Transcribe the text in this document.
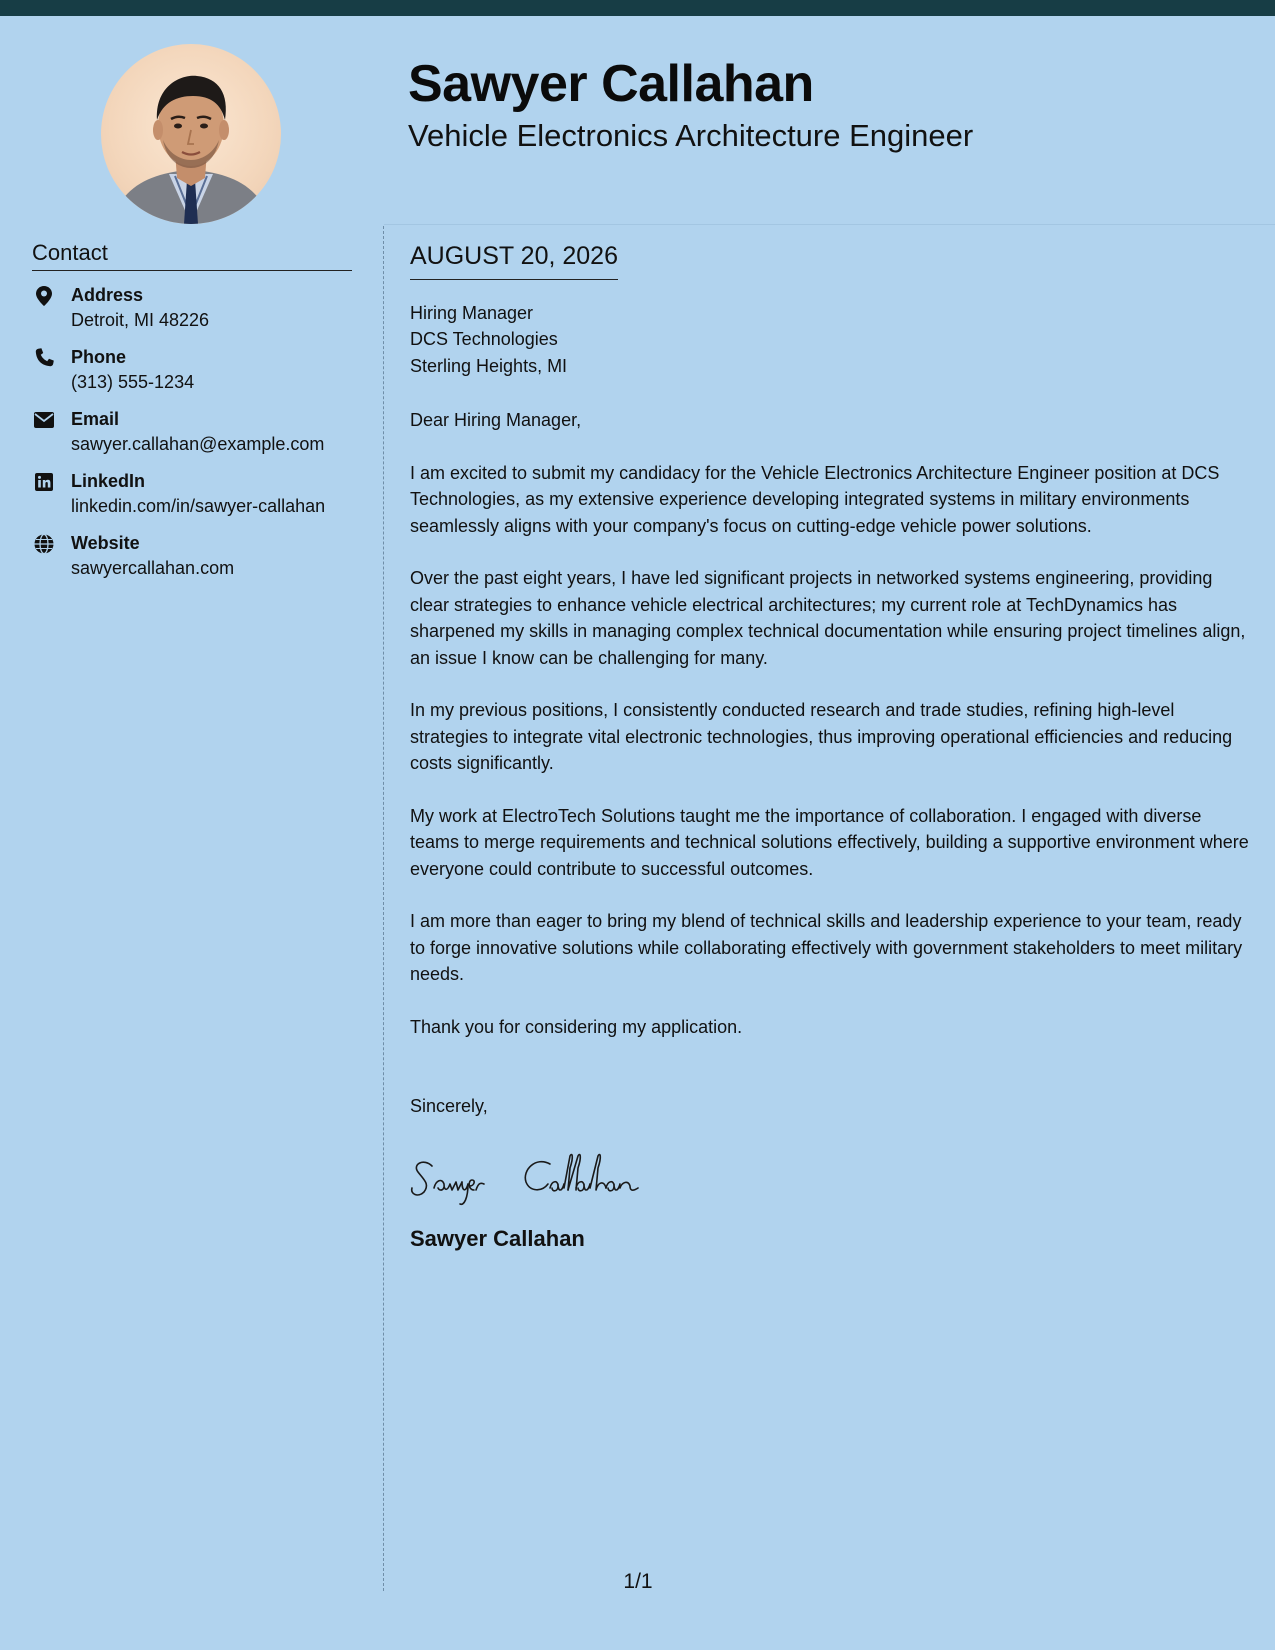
Sawyer Callahan
Vehicle Electronics Architecture Engineer
Contact
Address
Detroit, MI 48226
Phone
(313) 555-1234
Email
sawyer.callahan@example.com
LinkedIn
linkedin.com/in/sawyer-callahan
Website
sawyercallahan.com
AUGUST 20, 2026
Hiring Manager
DCS Technologies
Sterling Heights, MI

Dear Hiring Manager,

I am excited to submit my candidacy for the Vehicle Electronics Architecture Engineer position at DCS Technologies, as my extensive experience developing integrated systems in military environments seamlessly aligns with your company's focus on cutting-edge vehicle power solutions.

Over the past eight years, I have led significant projects in networked systems engineering, providing clear strategies to enhance vehicle electrical architectures; my current role at TechDynamics has sharpened my skills in managing complex technical documentation while ensuring project timelines align, an issue I know can be challenging for many.

In my previous positions, I consistently conducted research and trade studies, refining high-level strategies to integrate vital electronic technologies, thus improving operational efficiencies and reducing costs significantly.

My work at ElectroTech Solutions taught me the importance of collaboration. I engaged with diverse teams to merge requirements and technical solutions effectively, building a supportive environment where everyone could contribute to successful outcomes.

I am more than eager to bring my blend of technical skills and leadership experience to your team, ready to forge innovative solutions while collaborating effectively with government stakeholders to meet military needs.

Thank you for considering my application.

Sincerely,

Sawyer Callahan
1/1
